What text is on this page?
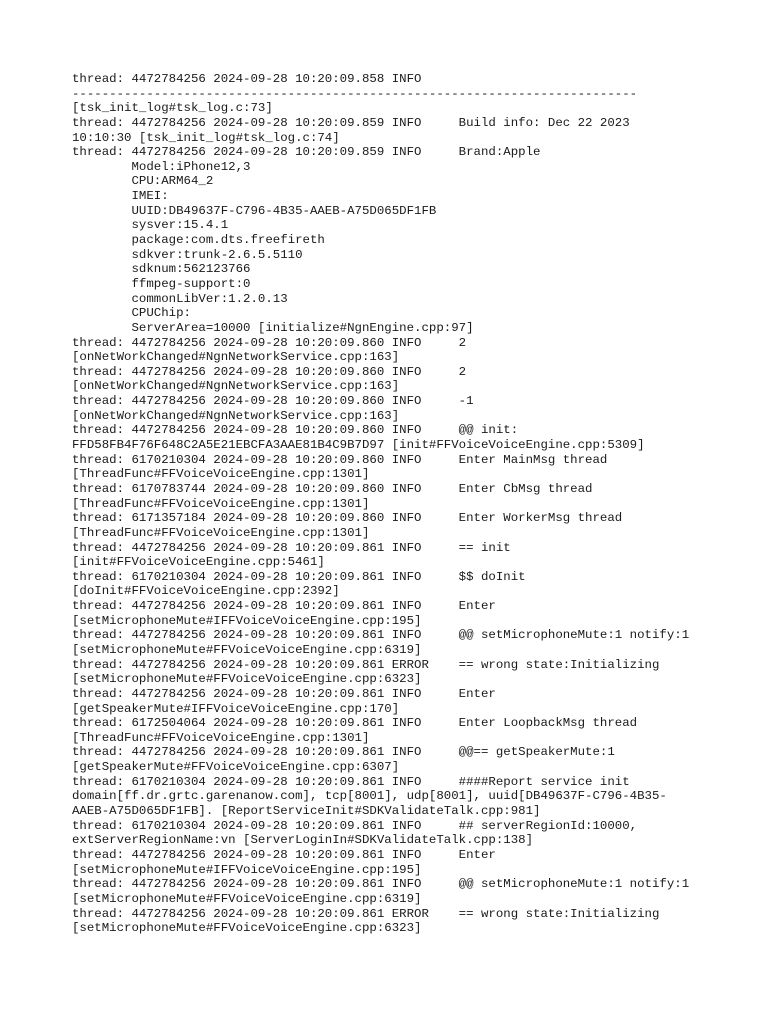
thread: 4472784256 2024-09-28 10:20:09.858 INFO
----------------------------------------------------------------------------
[tsk_init_log#tsk_log.c:73]
thread: 4472784256 2024-09-28 10:20:09.859 INFO     Build info: Dec 22 2023
10:10:30 [tsk_init_log#tsk_log.c:74]
thread: 4472784256 2024-09-28 10:20:09.859 INFO     Brand:Apple
Model:iPhone12,3
CPU:ARM64_2
IMEI:
UUID:DB49637F-C796-4B35-AAEB-A75D065DF1FB
sysver:15.4.1
package:com.dts.freefireth
sdkver:trunk-2.6.5.5110
sdknum:562123766
ffmpeg-support:0
commonLibVer:1.2.0.13
CPUChip:
ServerArea=10000 [initialize#NgnEngine.cpp:97]
thread: 4472784256 2024-09-28 10:20:09.860 INFO     2
[onNetWorkChanged#NgnNetworkService.cpp:163]
thread: 4472784256 2024-09-28 10:20:09.860 INFO     2
[onNetWorkChanged#NgnNetworkService.cpp:163]
thread: 4472784256 2024-09-28 10:20:09.860 INFO     -1
[onNetWorkChanged#NgnNetworkService.cpp:163]
thread: 4472784256 2024-09-28 10:20:09.860 INFO     @@ init:
FFD58FB4F76F648C2A5E21EBCFA3AAE81B4C9B7D97 [init#FFVoiceVoiceEngine.cpp:5309]
thread: 6170210304 2024-09-28 10:20:09.860 INFO     Enter MainMsg thread
[ThreadFunc#FFVoiceVoiceEngine.cpp:1301]
thread: 6170783744 2024-09-28 10:20:09.860 INFO     Enter CbMsg thread
[ThreadFunc#FFVoiceVoiceEngine.cpp:1301]
thread: 6171357184 2024-09-28 10:20:09.860 INFO     Enter WorkerMsg thread
[ThreadFunc#FFVoiceVoiceEngine.cpp:1301]
thread: 4472784256 2024-09-28 10:20:09.861 INFO     == init
[init#FFVoiceVoiceEngine.cpp:5461]
thread: 6170210304 2024-09-28 10:20:09.861 INFO     $$ doInit
[doInit#FFVoiceVoiceEngine.cpp:2392]
thread: 4472784256 2024-09-28 10:20:09.861 INFO     Enter
[setMicrophoneMute#IFFVoiceVoiceEngine.cpp:195]
thread: 4472784256 2024-09-28 10:20:09.861 INFO     @@ setMicrophoneMute:1 notify:1
[setMicrophoneMute#FFVoiceVoiceEngine.cpp:6319]
thread: 4472784256 2024-09-28 10:20:09.861 ERROR    == wrong state:Initializing
[setMicrophoneMute#FFVoiceVoiceEngine.cpp:6323]
thread: 4472784256 2024-09-28 10:20:09.861 INFO     Enter
[getSpeakerMute#IFFVoiceVoiceEngine.cpp:170]
thread: 6172504064 2024-09-28 10:20:09.861 INFO     Enter LoopbackMsg thread
[ThreadFunc#FFVoiceVoiceEngine.cpp:1301]
thread: 4472784256 2024-09-28 10:20:09.861 INFO     @@== getSpeakerMute:1
[getSpeakerMute#FFVoiceVoiceEngine.cpp:6307]
thread: 6170210304 2024-09-28 10:20:09.861 INFO     ####Report service init
domain[ff.dr.grtc.garenanow.com], tcp[8001], udp[8001], uuid[DB49637F-C796-4B35-
AAEB-A75D065DF1FB]. [ReportServiceInit#SDKValidateTalk.cpp:981]
thread: 6170210304 2024-09-28 10:20:09.861 INFO     ## serverRegionId:10000,
extServerRegionName:vn [ServerLoginIn#SDKValidateTalk.cpp:138]
thread: 4472784256 2024-09-28 10:20:09.861 INFO     Enter
[setMicrophoneMute#IFFVoiceVoiceEngine.cpp:195]
thread: 4472784256 2024-09-28 10:20:09.861 INFO     @@ setMicrophoneMute:1 notify:1
[setMicrophoneMute#FFVoiceVoiceEngine.cpp:6319]
thread: 4472784256 2024-09-28 10:20:09.861 ERROR    == wrong state:Initializing
[setMicrophoneMute#FFVoiceVoiceEngine.cpp:6323]
